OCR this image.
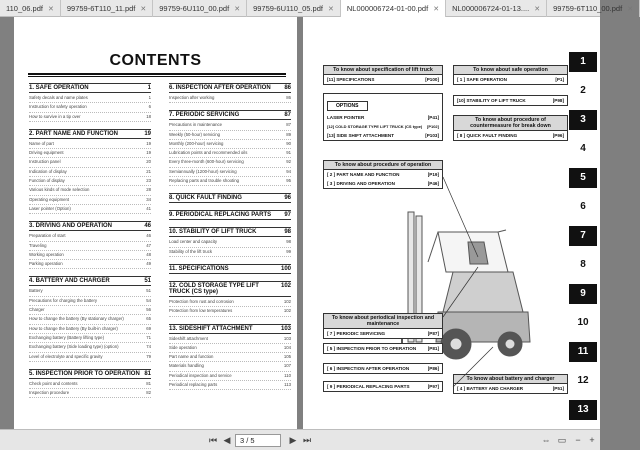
110_06.pdf ✕	99759-6T110_11.pdf ✕	99759-6U110_00.pdf ✕	99759-6U110_05.pdf ✕	NL000006724-01-00.pdf ✕	NL000006724-01-13.... ✕	99759-6T110_00.pdf ✕
CONTENTS
1. SAFE OPERATION	1
Safety decals and name plates	1
Instruction for safety operation	6
How to survive in a tip over	18
2. PART NAME AND FUNCTION	19
Name of part	19
Driving equipment	19
Instruction panel	20
Indication of display	21
Function of display	23
Various kinds of mode selection	28
Operating equipment	34
Laser pointer (Option)	41
3. DRIVING AND OPERATION	46
Preparation of start	46
Traveling	47
Working operation	48
Parking operation	49
4. BATTERY AND CHARGER	51
Battery	51
Precautions for charging the battery	54
Charger	56
How to change the battery (By stationary charger)	65
How to change the battery (By built-in charger)	69
Exchanging battery (Battery lifting type)	71
Exchanging battery (Side loading type) (option)	74
Level of electrolyte and specific gravity	79
5. INSPECTION PRIOR TO OPERATION 81
Check point and contents	81
Inspection procedure	82
6. INSPECTION AFTER OPERATION 86
Inspection after working	86
7. PERIODIC SERVICING	87
Precautions in maintenance	87
Weekly (50-hour) servicing	89
Monthly (200-hour) servicing	90
Lubrication points and recommended oils	91
Every three-month (600-hour) servicing	92
Semiannually (1200-hour) servicing	94
Replacing parts and trouble shooting	95
8. QUICK FAULT FINDING	96
9. PERIODICAL REPLACING PARTS 97
10. STABILITY OF LIFT TRUCK	98
Load center and capacity	98
Stability of the lift truck	99
11. SPECIFICATIONS	100
12. COLD STORAGE TYPE LIFT TRUCK (CS type)
102
Protection from rust and corrosion	102
Protection from low temperatures	102
13. SIDESHIFT ATTACHMENT	103
Sideshift attachment	103
Side operation	104
Part name and function	105
Materials handling	107
Periodical inspection and service	110
Periodical replacing parts	113
To know about specification of lift truck
[11] SPECIFICATIONS	[P100]
OPTIONS
LASER POINTER	[P41]
[12] COLD STORAGE TYPE LIFT TRUCK (CS type) [P102]
[13] SIDE SHIFT ATTACHMENT	[P103]
To know about safe operation
[ 1 ] SAFE OPERATION	[P1]
[10] STABILITY OF LIFT TRUCK	[P98]
To know about procedure of countermeasure for break down
[ 8 ] QUICK FAULT FINDING	[P96]
To know about procedure of operation
[ 2 ] PART NAME AND FUNCTION	[P19]
[ 3 ] DRIVING AND OPERATION	[P46]
To know about periodical inspection and maintenance
[ 7 ] PERIODIC SERVICING	[P87]
[ 5 ] INSPECTION PRIOR TO OPERATION	[P81]
[ 6 ] INSPECTION AFTER OPERATION	[P86]
[ 9 ] PERIODICAL REPLACING PARTS	[P97]
To know about battery and charger
[ 4 ] BATTERY AND CHARGER	[P51]
1
2
3
4
5
6
7
8
9
10
11
12
13
⏮ ◀	3 / 5	▶ ⏭	⇔ ▭	− +
